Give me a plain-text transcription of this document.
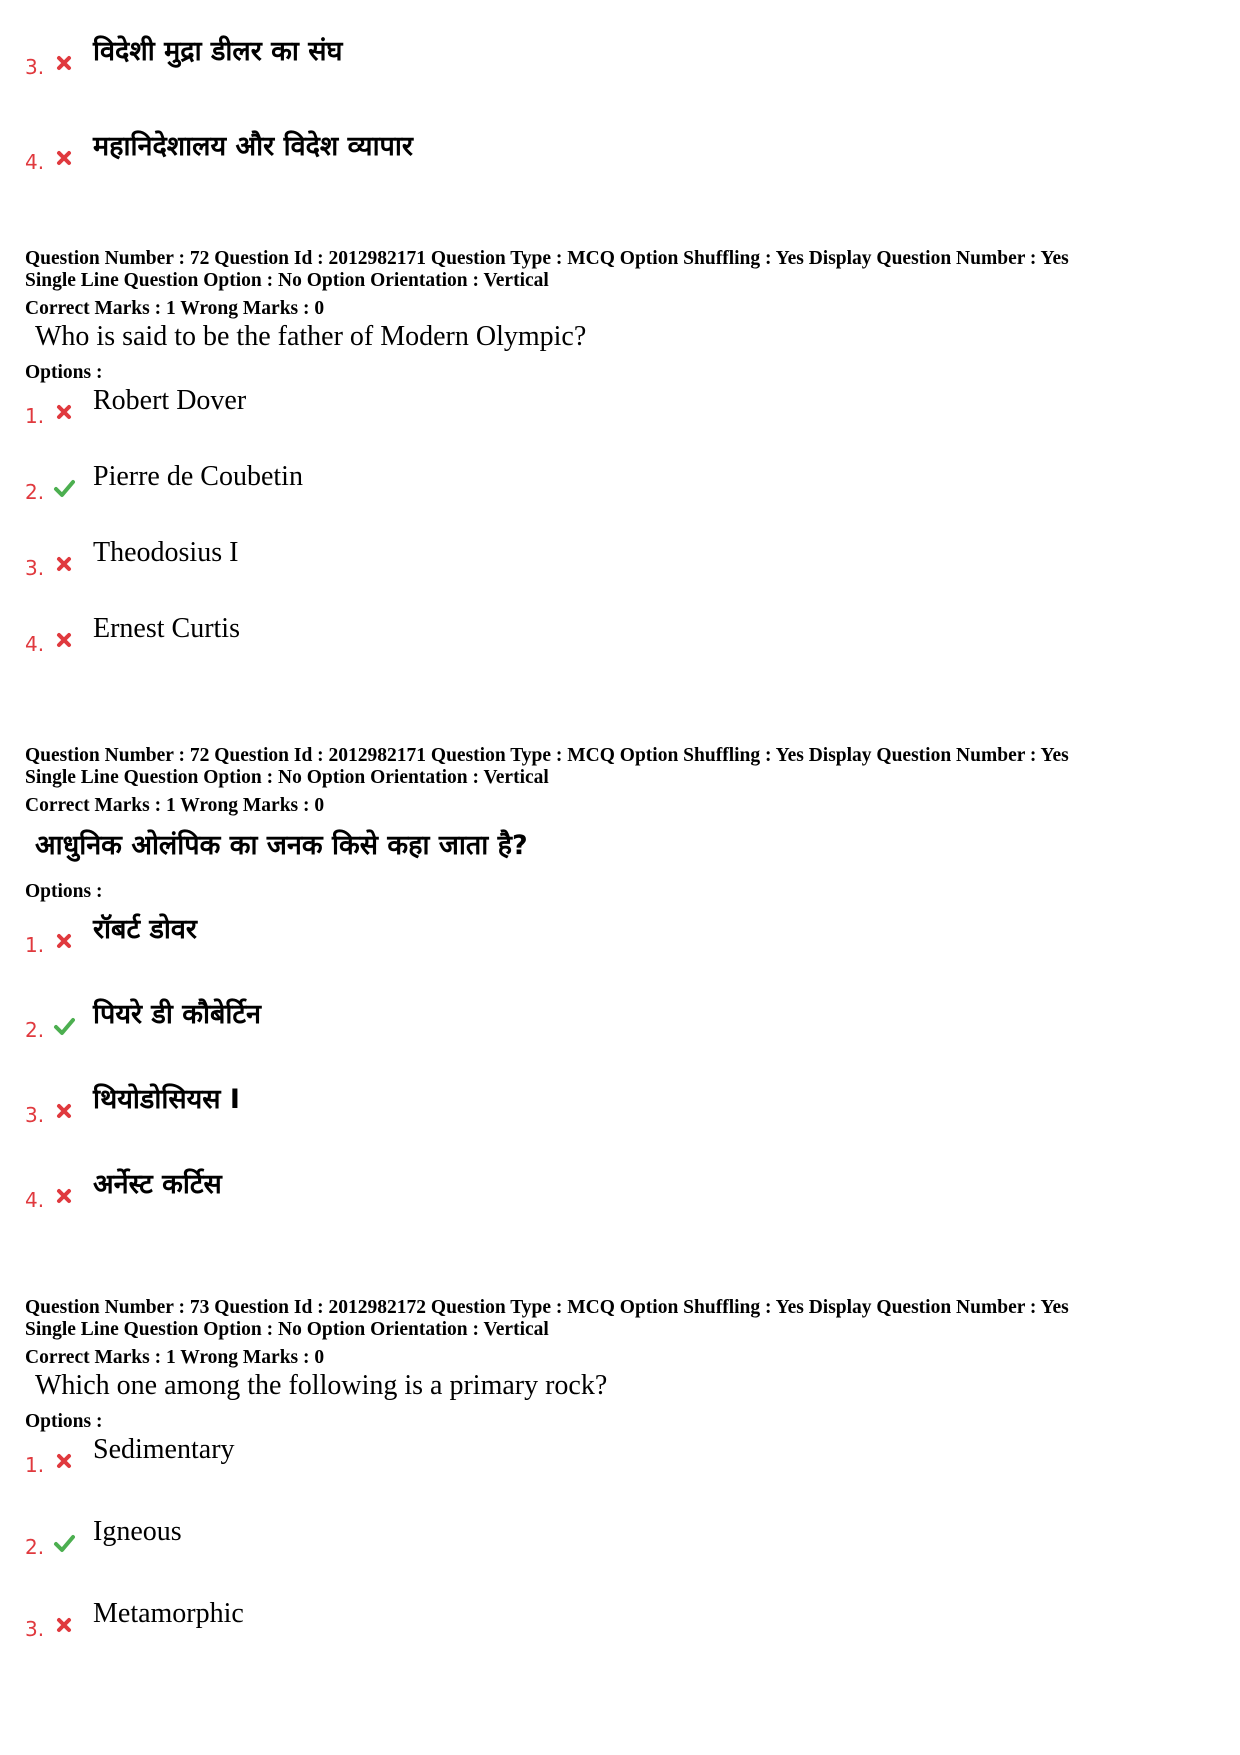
3. विदेशी मुद्रा डीलर का संघ
4. महानिदेशालय और विदेश व्यापार

Question Number : 72 Question Id : 2012982171 Question Type : MCQ Option Shuffling : Yes Display Question Number : Yes

Single Line Question Option : No Option Orientation : Vertical

Correct Marks : 1 Wrong Marks : 0

Who is said to be the father of Modern Olympic?
Options :
1. Robert Dover
2. Pierre de Coubetin
3. Theodosius I
4. Ernest Curtis

Question Number : 72 Question Id : 2012982171 Question Type : MCQ Option Shuffling : Yes Display Question Number : Yes

Single Line Question Option : No Option Orientation : Vertical

Correct Marks : 1 Wrong Marks : 0

आधुनिक ओलंपिक का जनक किसे कहा जाता है?
Options :
1. रॉबर्ट डोवर
2. पियरे डी कौबेर्टिन
3. थियोडोसियस I
4. अर्नेस्ट कर्टिस

Question Number : 73 Question Id : 2012982172 Question Type : MCQ Option Shuffling : Yes Display Question Number : Yes

Single Line Question Option : No Option Orientation : Vertical

Correct Marks : 1 Wrong Marks : 0

Which one among the following is a primary rock?
Options :
1. Sedimentary
2. Igneous
3. Metamorphic
